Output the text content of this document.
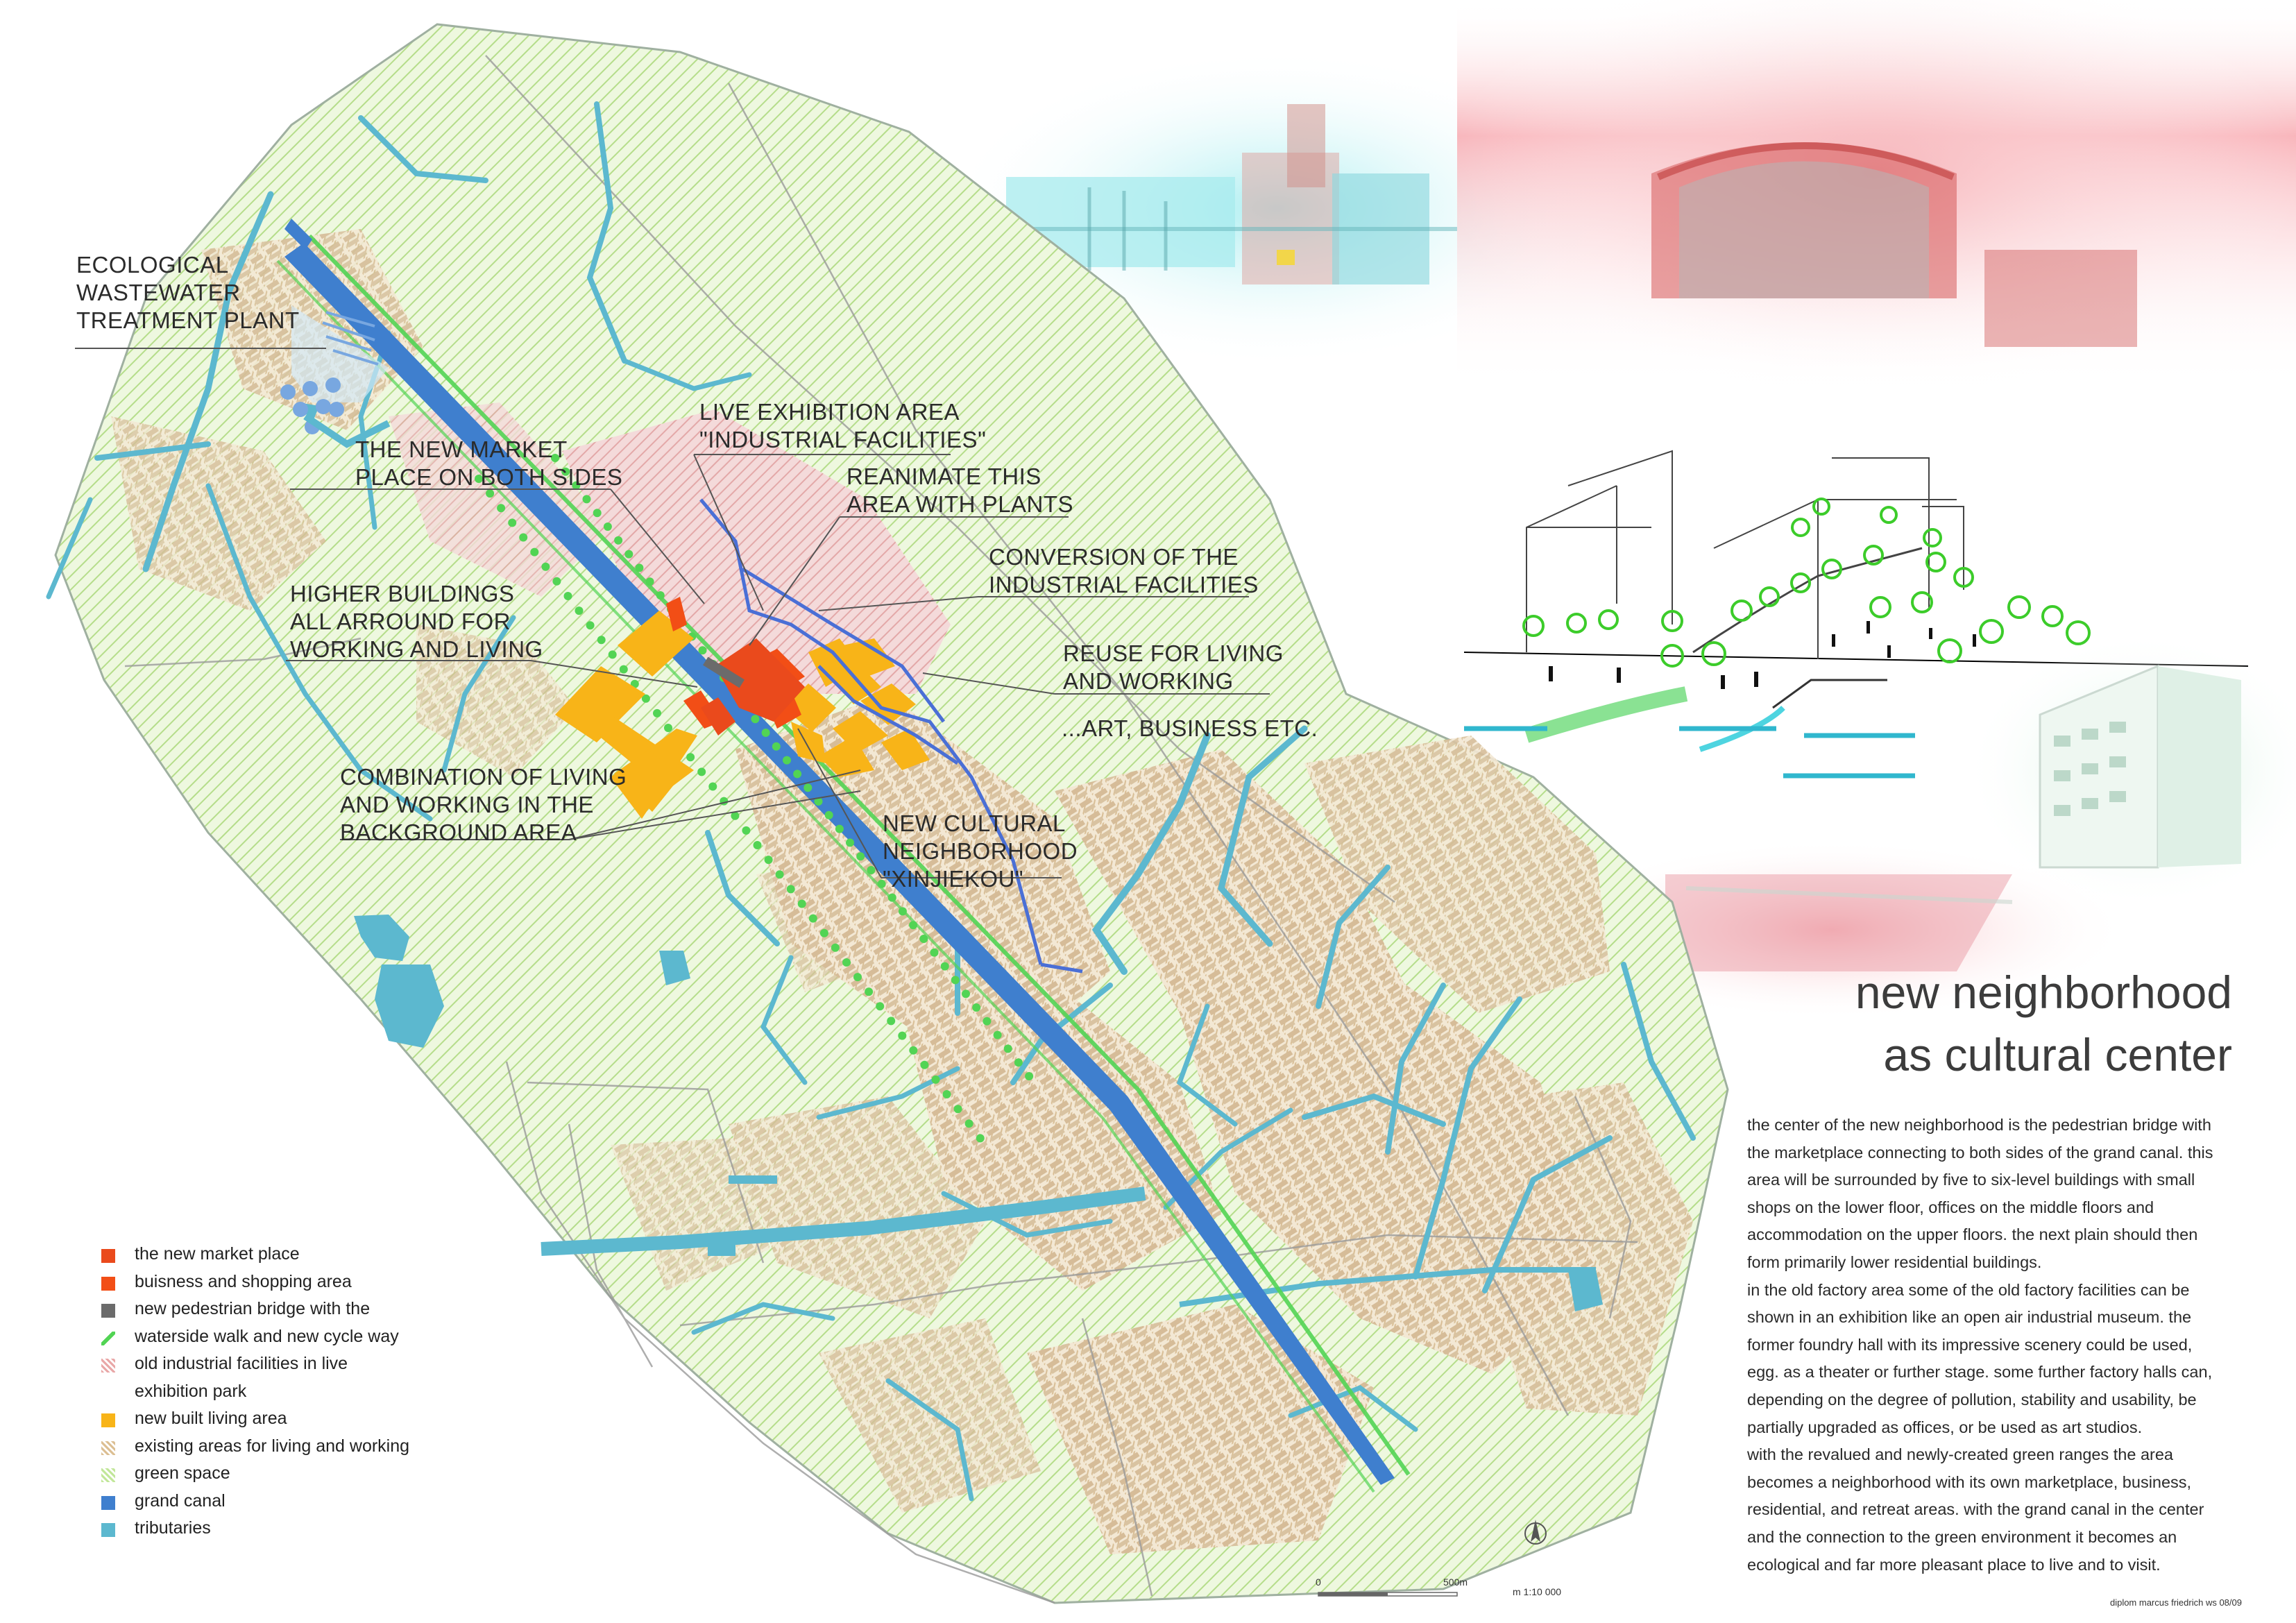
ECOLOGICAL
WASTEWATER
TREATMENT PLANT
LIVE EXHIBITION AREA
"INDUSTRIAL FACILITIES"
THE NEW MARKET
PLACE ON BOTH SIDES	REANIMATE THIS
AREA WITH PLANTS
CONVERSION OF THE
INDUSTRIAL FACILITIES
HIGHER BUILDINGS
ALL ARROUND FOR
WORKING AND LIVING	REUSE FOR LIVING
AND WORKING
...ART, BUSINESS ETC.
COMBINATION OF LIVING
AND WORKING IN THE
BACKGROUND AREA	NEW CULTURAL
NEIGHBORHOOD
"XINJIEKOU"
the new market place
buisness and shopping area
new pedestrian bridge with the
waterside walk and new cycle way
old industrial facilities in live
exhibition park
new built living area
existing areas for living and working
green space
grand canal
tributaries
new neighborhood
as cultural center
the center of the new neighborhood is the pedestrian bridge with
the marketplace connecting to both sides of the grand canal. this
area will be surrounded by five to six-level buildings with small
shops on the lower floor, offices on the middle floors and
accommodation on the upper floors. the next plain should then
form primarily lower residential buildings.
in the old factory area some of the old factory facilities can be
shown in an exhibition like an open air industrial museum. the
former foundry hall with its impressive scenery could be used,
egg. as a theater or further stage. some further factory halls can,
depending on the degree of pollution, stability and usability, be
partially upgraded as offices, or be used as art studios.
with the revalued and newly-created green ranges the area
becomes a neighborhood with its own marketplace, business,
residential, and retreat areas. with the grand canal in the center
and the connection to the green environment it becomes an
ecological and far more pleasant place to live and to visit.
0	500m
m 1:10 000
diplom marcus friedrich ws 08/09
